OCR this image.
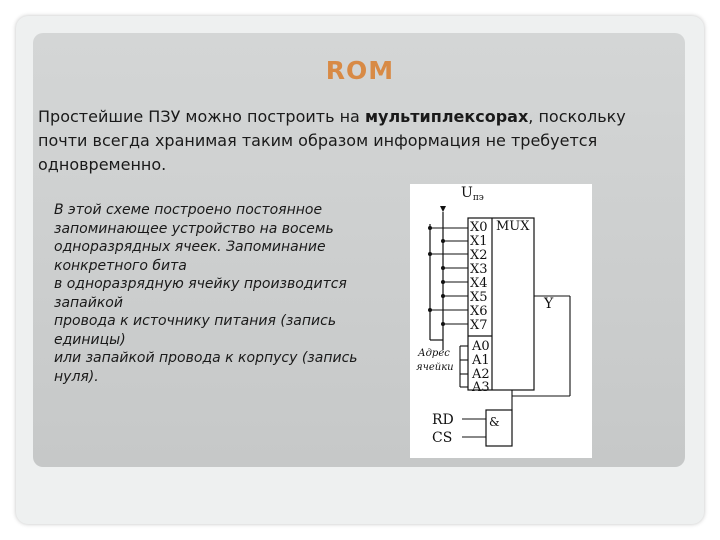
ROM
Простейшие ПЗУ можно построить на мультиплексорах, поскольку почти всегда хранимая таким образом информация не требуется одновременно.
В этой схеме построено постоянное
запоминающее устройство на восемь
одноразрядных ячеек. Запоминание
конкретного бита
в одноразрядную ячейку производится
запайкой
провода к источнику питания (запись
единицы)
или запайкой провода к корпусу (запись
нуля).
$U_{пэ}$
MUX
X0
X1
X2
X3
X4
X5
X6
X7
A0
A1
A2
A3
Адрес
ячейки
Y
RD
CS
&
